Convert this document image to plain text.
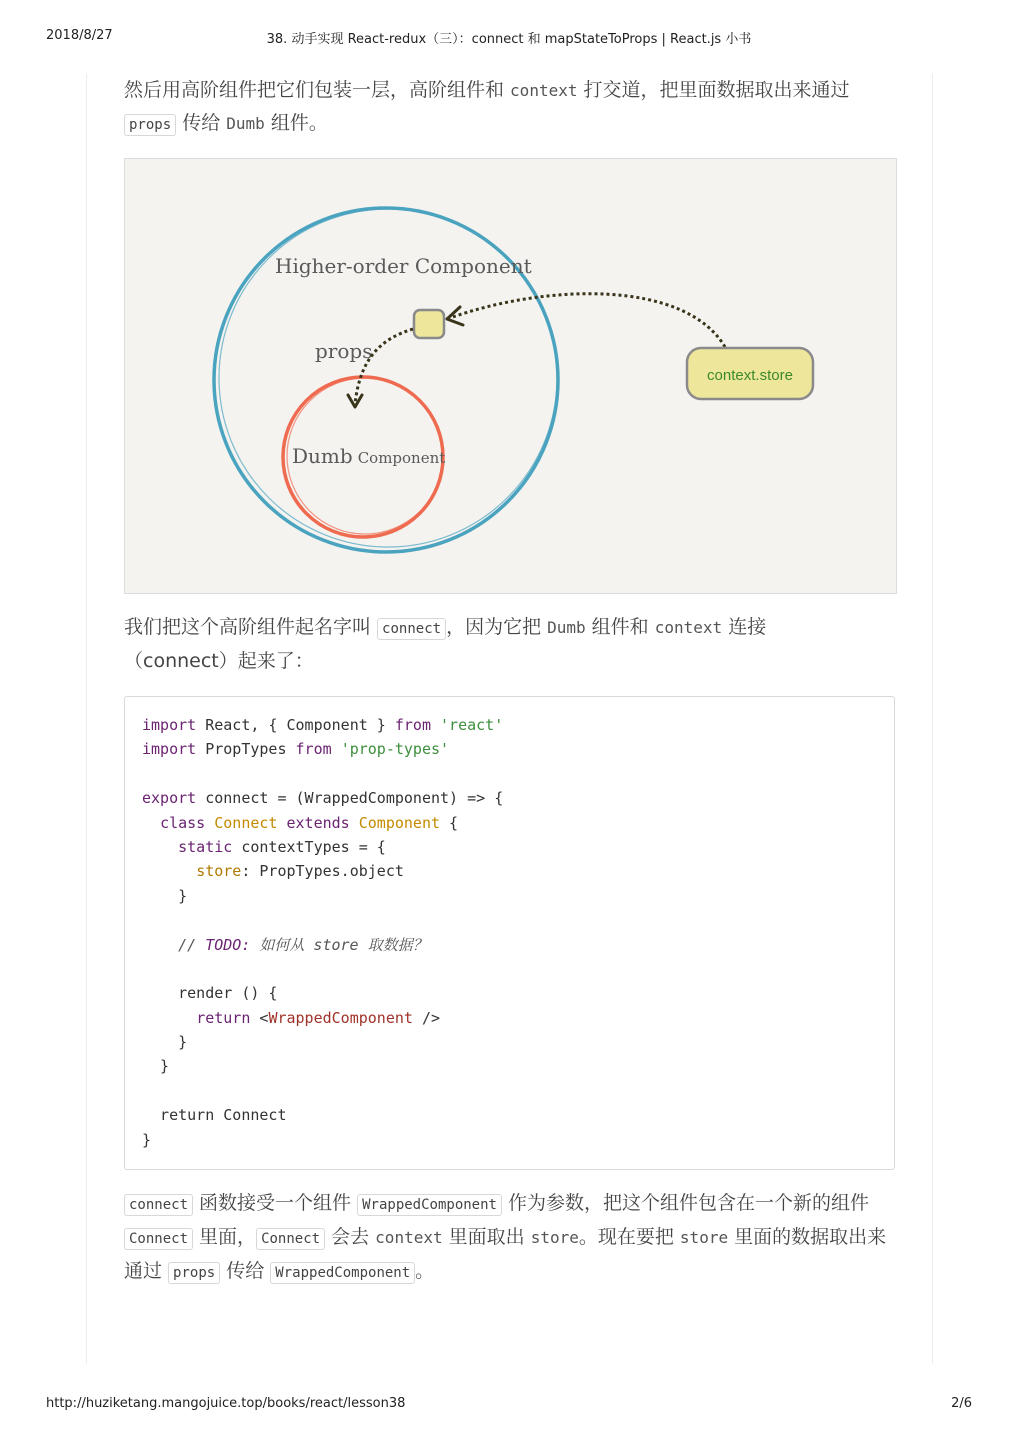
2018/8/27	38. 动手实现 React-redux（三）：connect 和 mapStateToProps | React.js 小书

然后用高阶组件把它们包装一层，高阶组件和 context 打交道，把里面数据取出来通过 props 传给 Dumb 组件。

Higher-order Component
props
Dumb Component
context.store

我们把这个高阶组件起名字叫 connect ，因为它把 Dumb 组件和 context 连接
（connect）起来了：

import React, { Component } from 'react'
import PropTypes from 'prop-types'
export connect = (WrappedComponent) => {
class Connect extends Component {
static contextTypes = {
store: PropTypes.object
}
// TODO: 如何从 store 取数据？
render () {
return <WrappedComponent />
}
}
return Connect
}

connect 函数接受一个组件 WrappedComponent 作为参数，把这个组件包含在一个新的组件 Connect 里面， Connect 会去 context 里面取出 store。现在要把 store 里面的数据取出来通过 props 传给 WrappedComponent 。

http://huziketang.mangojuice.top/books/react/lesson38	2/6
